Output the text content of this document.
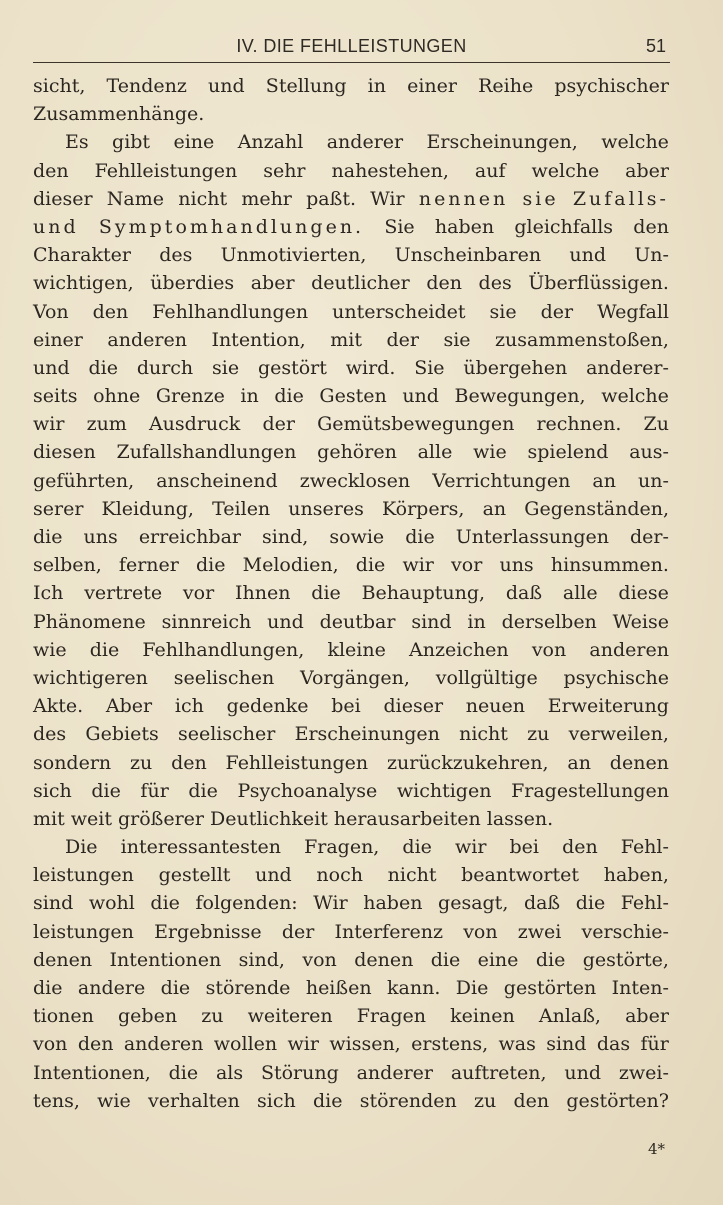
IV. DIE FEHLLEISTUNGEN	51
sicht, Tendenz und Stellung in einer Reihe psychischer
Zusammenhänge.
Es gibt eine Anzahl anderer Erscheinungen, welche
den Fehlleistungen sehr nahestehen, auf welche aber
dieser Name nicht mehr paßt. Wir nennen sie Zufalls-
und Symptomhandlungen. Sie haben gleichfalls den
Charakter des Unmotivierten, Unscheinbaren und Un-
wichtigen, überdies aber deutlicher den des Überflüssigen.
Von den Fehlhandlungen unterscheidet sie der Wegfall
einer anderen Intention, mit der sie zusammenstoßen,
und die durch sie gestört wird. Sie übergehen anderer-
seits ohne Grenze in die Gesten und Bewegungen, welche
wir zum Ausdruck der Gemütsbewegungen rechnen. Zu
diesen Zufallshandlungen gehören alle wie spielend aus-
geführten, anscheinend zwecklosen Verrichtungen an un-
serer Kleidung, Teilen unseres Körpers, an Gegenständen,
die uns erreichbar sind, sowie die Unterlassungen der-
selben, ferner die Melodien, die wir vor uns hinsummen.
Ich vertrete vor Ihnen die Behauptung, daß alle diese
Phänomene sinnreich und deutbar sind in derselben Weise
wie die Fehlhandlungen, kleine Anzeichen von anderen
wichtigeren seelischen Vorgängen, vollgültige psychische
Akte. Aber ich gedenke bei dieser neuen Erweiterung
des Gebiets seelischer Erscheinungen nicht zu verweilen,
sondern zu den Fehlleistungen zurückzukehren, an denen
sich die für die Psychoanalyse wichtigen Fragestellungen
mit weit größerer Deutlichkeit herausarbeiten lassen.
Die interessantesten Fragen, die wir bei den Fehl-
leistungen gestellt und noch nicht beantwortet haben,
sind wohl die folgenden: Wir haben gesagt, daß die Fehl-
leistungen Ergebnisse der Interferenz von zwei verschie-
denen Intentionen sind, von denen die eine die gestörte,
die andere die störende heißen kann. Die gestörten Inten-
tionen geben zu weiteren Fragen keinen Anlaß, aber
von den anderen wollen wir wissen, erstens, was sind das für
Intentionen, die als Störung anderer auftreten, und zwei-
tens, wie verhalten sich die störenden zu den gestörten?
4*
